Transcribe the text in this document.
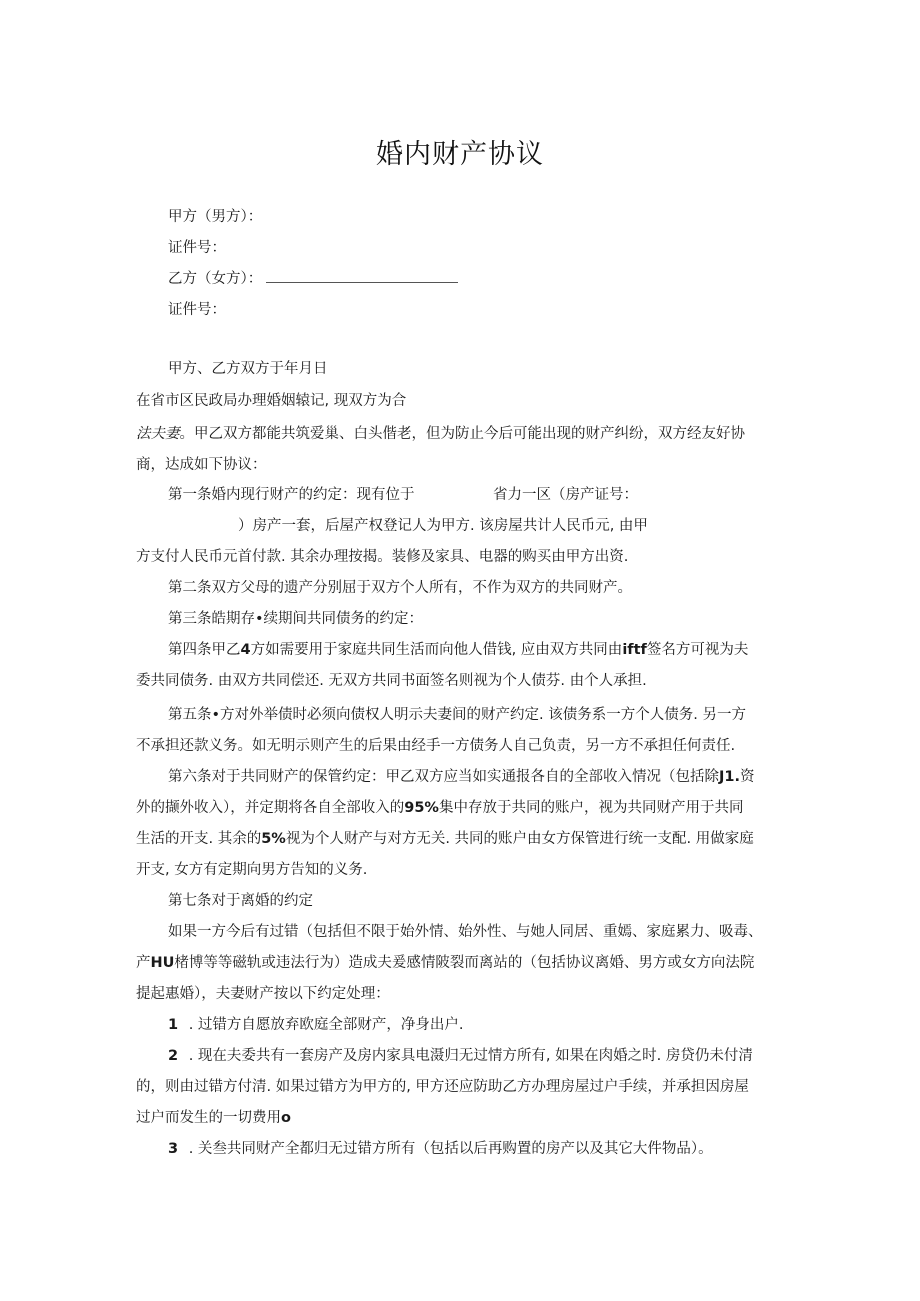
婚内财产协议
甲方（男方）：
证件号：
乙方（女方）：
证件号：
甲方、乙方双方于年月日
在省市区民政局办理婚姻辕记, 现双方为合
法夫妻。甲乙双方都能共筑爱巢、白头偕老，但为防止今后可能出现的财产纠纷，双方经友好协
商，达成如下协议：
第一条婚内现行财产的约定：现有位于	省力一区（房产证号：
）房产一套，后屋产权登记人为甲方. 该房屋共计人民币元, 由甲
方支付人民币元首付款. 其余办理按揭。装修及家具、电器的购买由甲方出资.
第二条双方父母的遗产分别屈于双方个人所有，不作为双方的共同财产。
第三条皓期存•续期间共同债务的约定：
第四条甲乙4方如需要用于家庭共同生活而向他人借钱, 应由双方共同由iftf签名方可视为夫
委共同债务. 由双方共同偿还. 无双方共同书面签名则视为个人债芬. 由个人承担.
第五条•方对外举债时必须向债权人明示夫妻间的财产约定. 该债务系一方个人债务. 另一方
不承担还款义务。如无明示则产生的后果由经手一方债务人自己负责，另一方不承担任何责任.
第六条对于共同财产的保管约定：甲乙双方应当如实通报各自的全部收入情况（包括除J1.资
外的撷外收入），并定期将各自全部收入的95%集中存放于共同的账户，视为共同财产用于共同
生活的开支. 其余的5%视为个人财产与对方无关. 共同的账户由女方保管进行统一支配. 用做家庭
开支, 女方有定期向男方告知的义务.
第七条对于离婚的约定
如果一方今后有过错（包括但不限于始外情、始外性、与她人同居、重嫣、家庭累力、吸毒、
产HU楮博等等磁轨或违法行为）造成夫爰感情陂裂而离站的（包括协议离婚、男方或女方向法院
提起惠婚），夫妻财产按以下约定处理：
1 . 过错方自愿放弃欧庭全部财产，净身出户.
2 . 现在夫委共有一套房产及房内家具电滠归无过情方所有, 如果在肉婚之时. 房贷仍未付清
的，则由过错方付清. 如果过错方为甲方的, 甲方还应防助乙方办理房屋过户手续，并承担因房屋
过户而发生的一切费用o
3 . 关叁共同财产全都归无过错方所有（包括以后再购置的房产以及其它大件物品）。
